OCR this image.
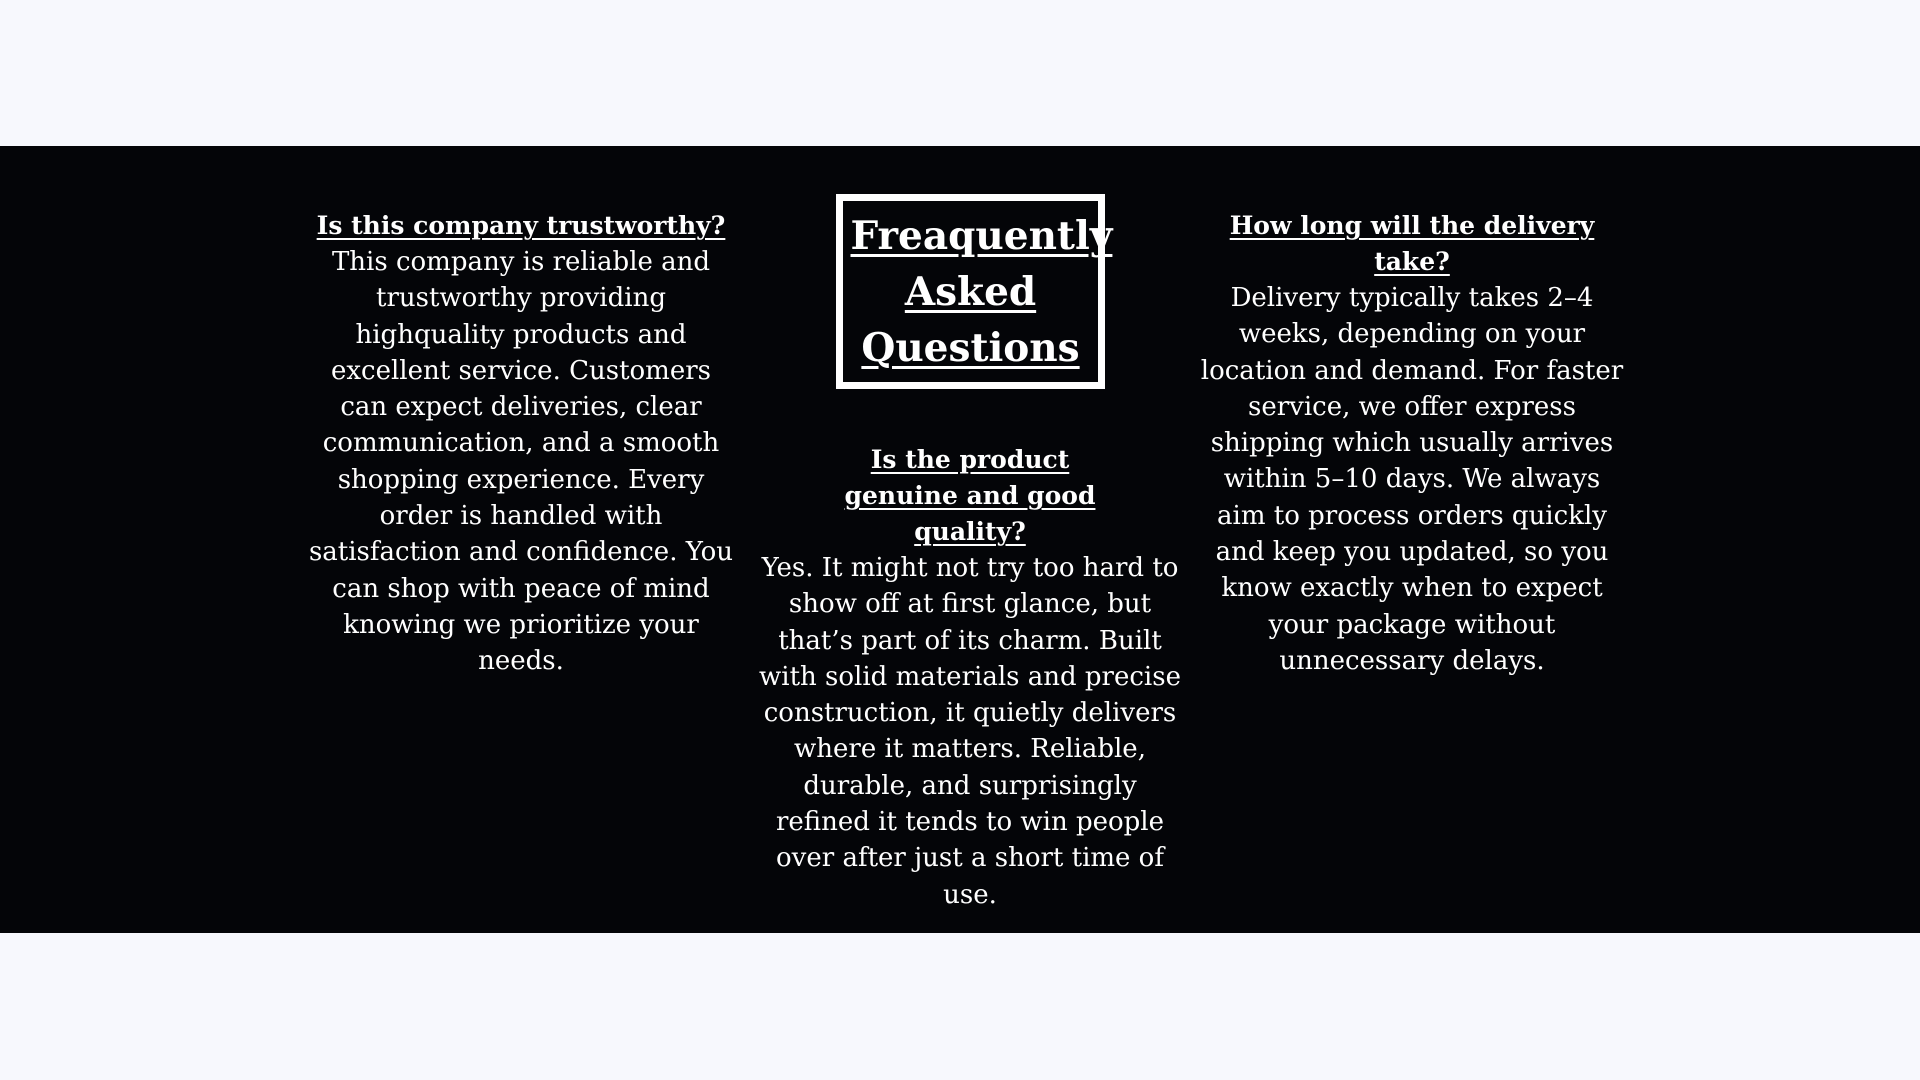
Is this company trustworthy?
This company is reliable and trustworthy providing highquality products and excellent service. Customers can expect deliveries, clear communication, and a smooth shopping experience. Every order is handled with satisfaction and confidence. You can shop with peace of mind knowing we prioritize your needs.
Freaquently Asked Questions
Is the product genuine and good quality?
Yes. It might not try too hard to show off at first glance, but that’s part of its charm. Built with solid materials and precise construction, it quietly delivers where it matters. Reliable, durable, and surprisingly refined it tends to win people over after just a short time of use.
How long will the delivery take?
Delivery typically takes 2–4 weeks, depending on your location and demand. For faster service, we offer express shipping which usually arrives within 5–10 days. We always aim to process orders quickly and keep you updated, so you know exactly when to expect your package without unnecessary delays.
